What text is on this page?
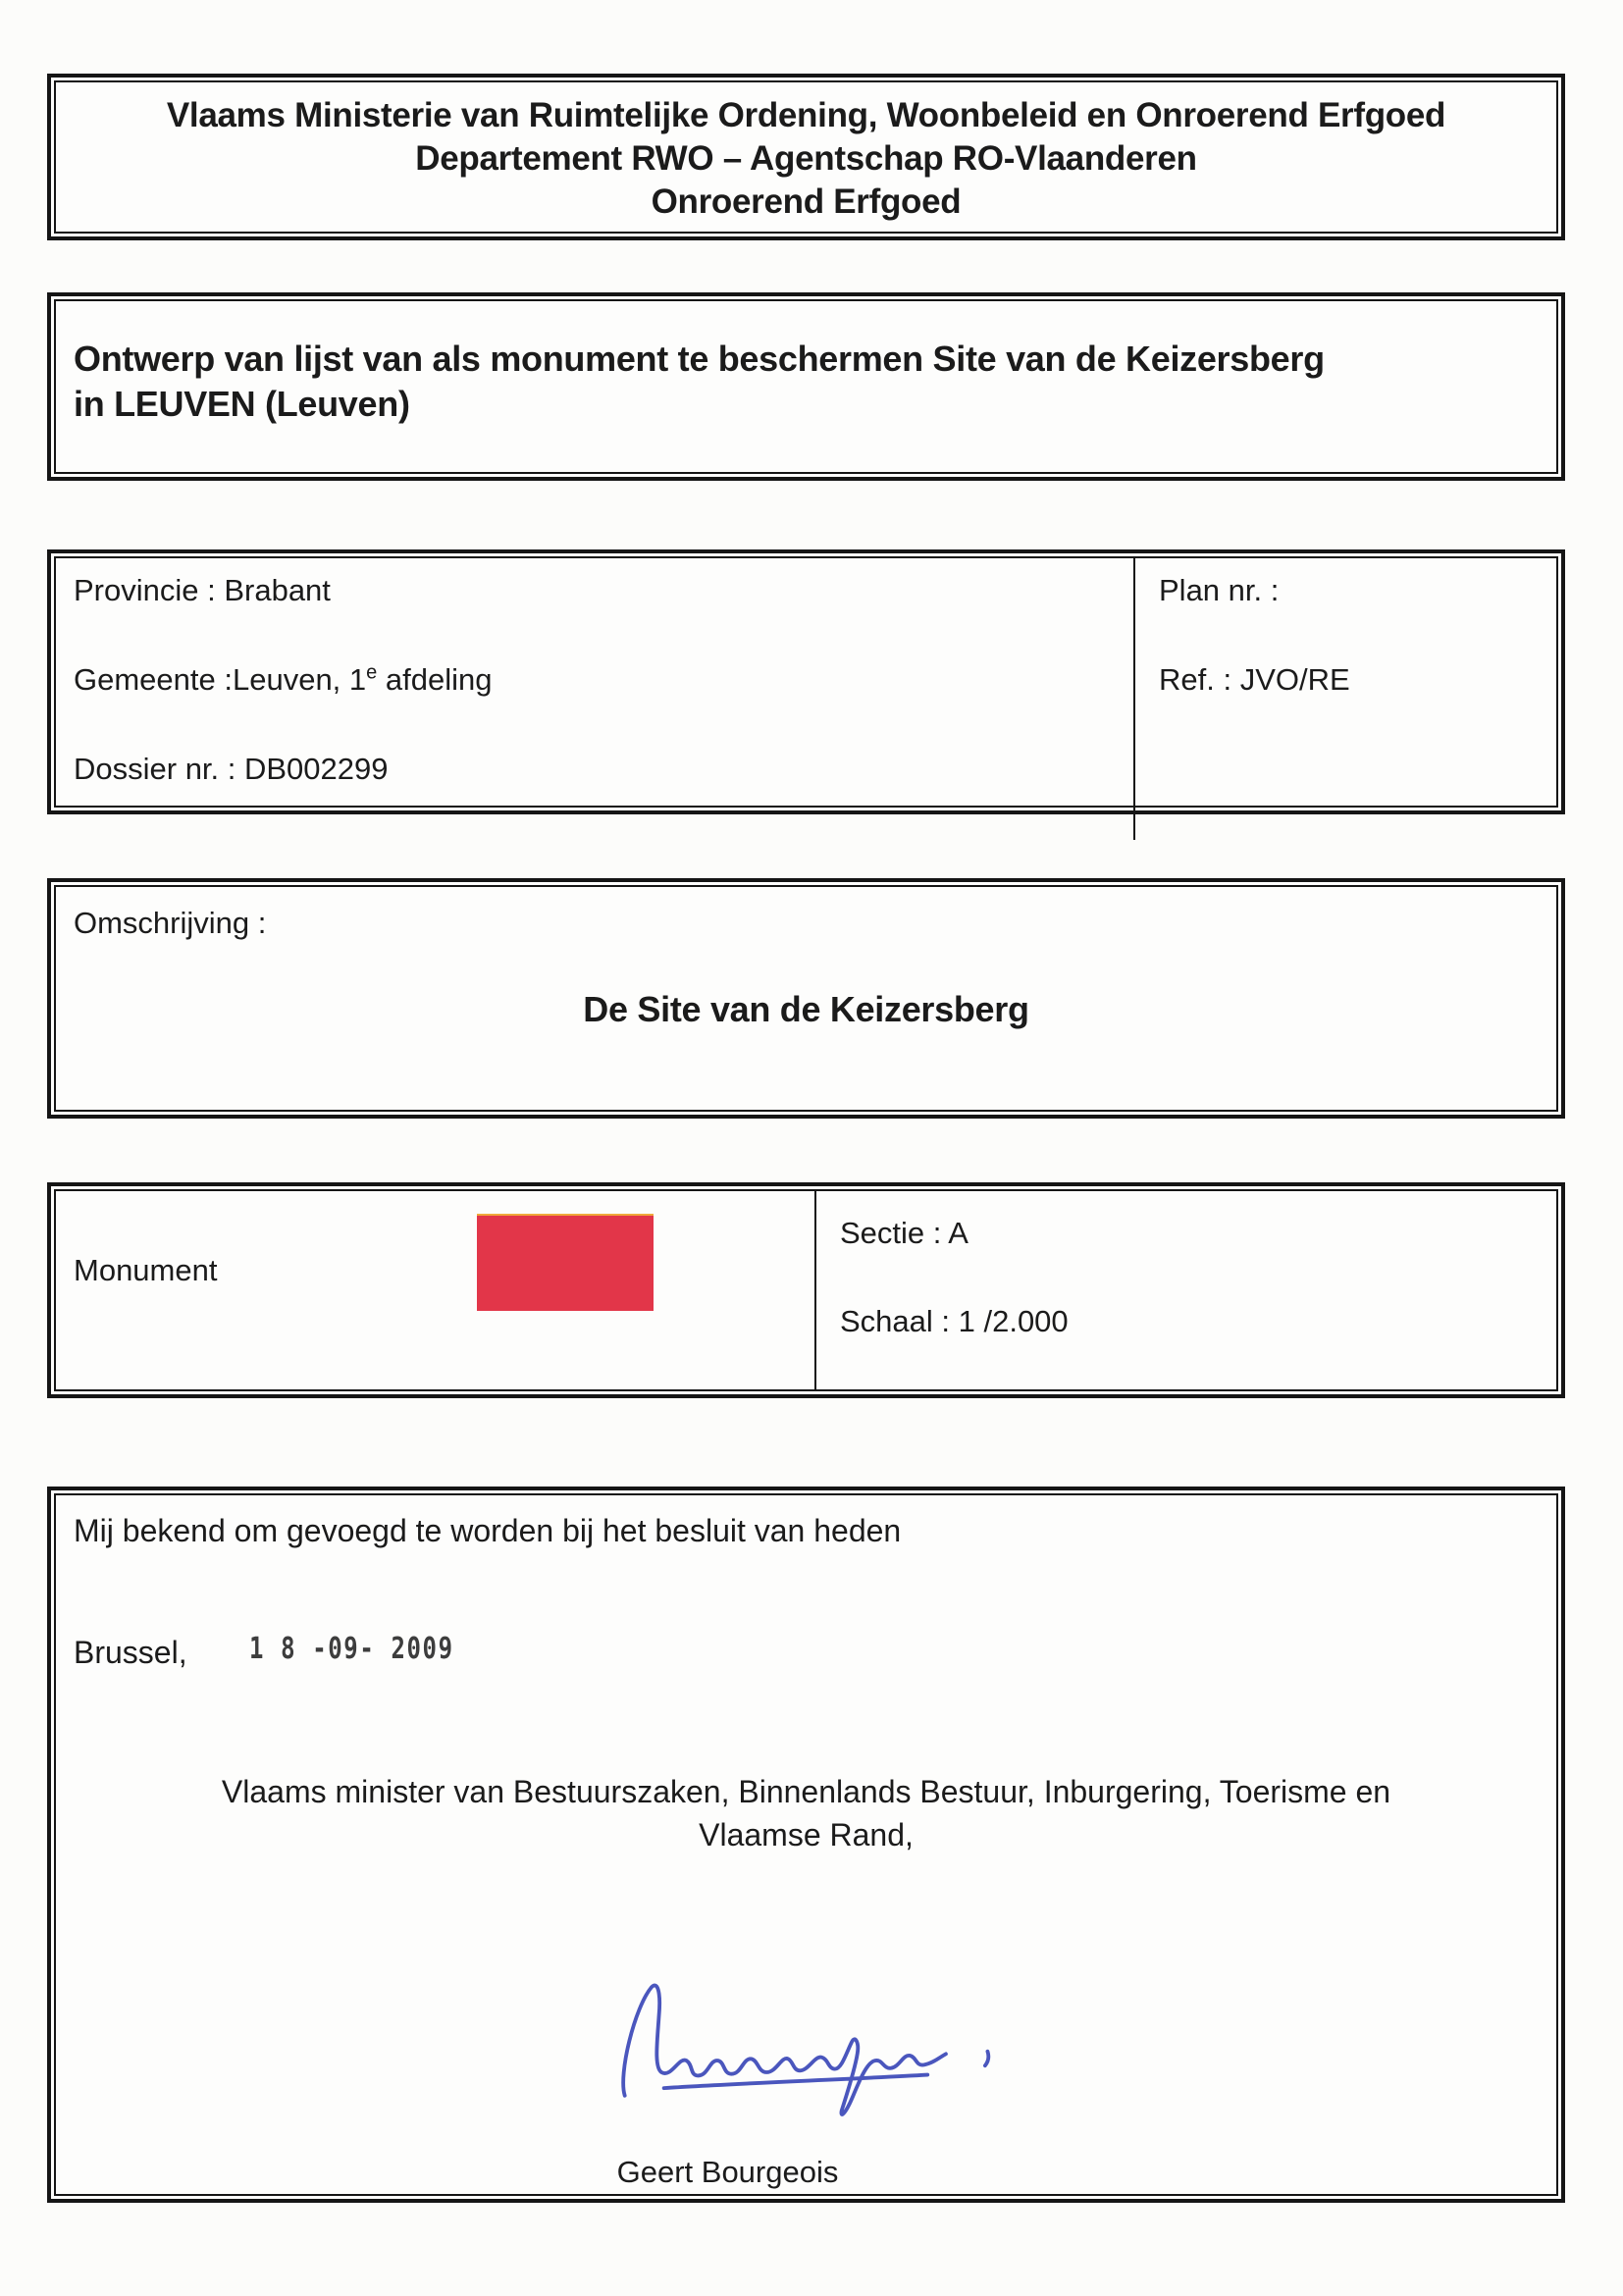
Vlaams Ministerie van Ruimtelijke Ordening, Woonbeleid en Onroerend Erfgoed

Departement RWO – Agentschap RO-Vlaanderen

Onroerend Erfgoed

Ontwerp van lijst van als monument te beschermen Site van de Keizersberg
in LEUVEN (Leuven)

Provincie : Brabant

Gemeente :Leuven, 1e afdeling

Dossier nr. : DB002299

Plan nr. :

Ref. : JVO/RE

Omschrijving :

De Site van de Keizersberg

Monument

Sectie : A

Schaal : 1 /2.000

Mij bekend om gevoegd te worden bij het besluit van heden

Brussel, 1 8 -09- 2009

Vlaams minister van Bestuurszaken, Binnenlands Bestuur, Inburgering, Toerisme en
Vlaamse Rand,

Geert Bourgeois
